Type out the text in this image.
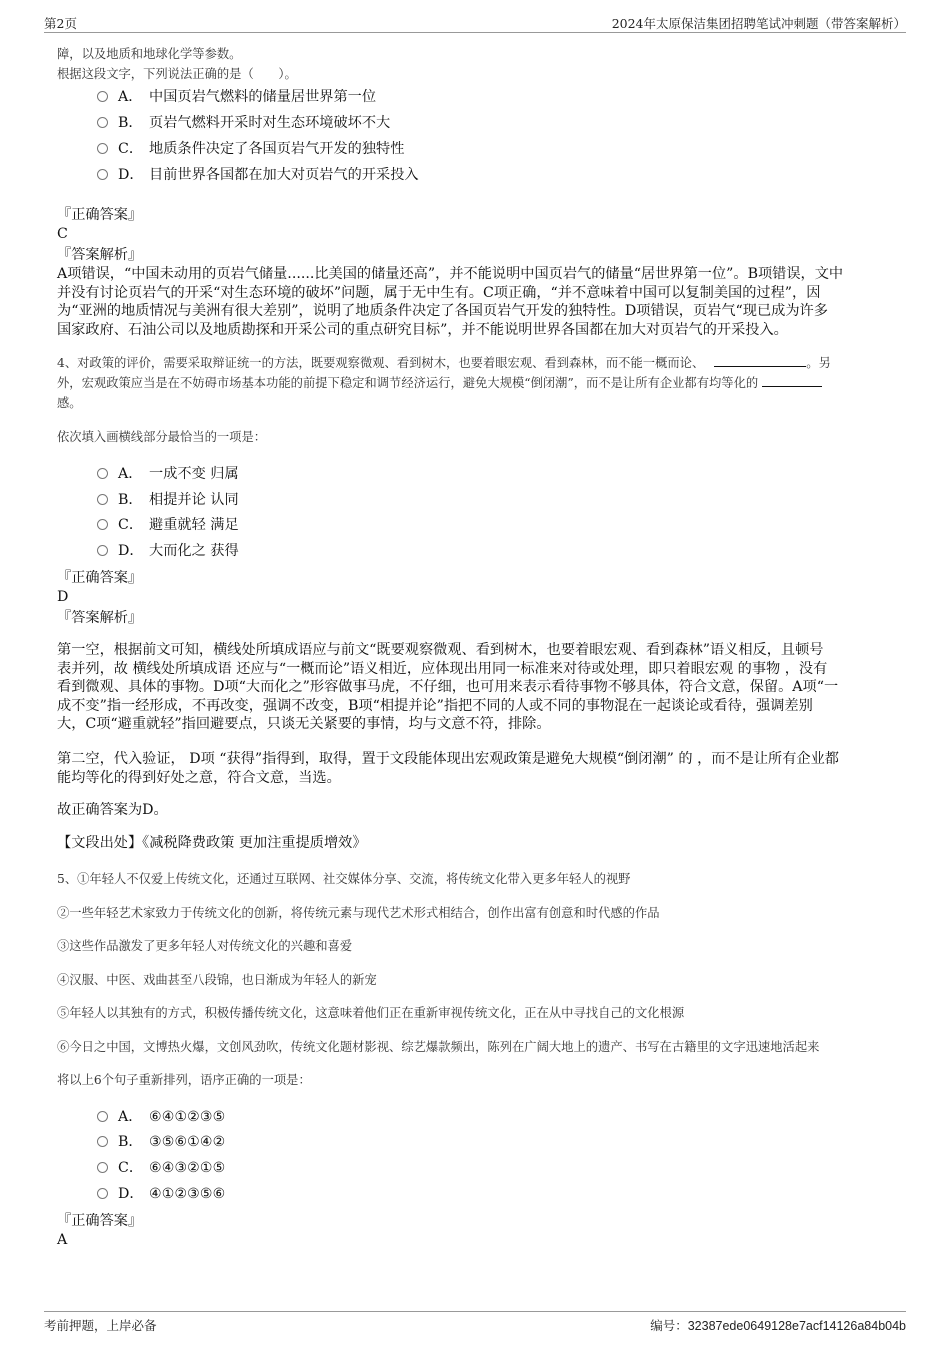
第2页	2024年太原保洁集团招聘笔试冲刺题（带答案解析）
障，以及地质和地球化学等参数。
根据这段文字，下列说法正确的是（　　）。
A． 中国页岩气燃料的储量居世界第一位
B． 页岩气燃料开采时对生态环境破坏不大
C． 地质条件决定了各国页岩气开发的独特性
D． 目前世界各国都在加大对页岩气的开采投入
『正确答案』
C
『答案解析』
A项错误，“中国未动用的页岩气储量......比美国的储量还高”，并不能说明中国页岩气的储量“居世界第一位”。B项错误，文中
并没有讨论页岩气的开采“对生态环境的破坏”问题，属于无中生有。C项正确，“并不意味着中国可以复制美国的过程”，因
为“亚洲的地质情况与美洲有很大差别”，说明了地质条件决定了各国页岩气开发的独特性。D项错误，页岩气“现已成为许多
国家政府、石油公司以及地质勘探和开采公司的重点研究目标”，并不能说明世界各国都在加大对页岩气的开采投入。
4、对政策的评价，需要采取辩证统一的方法，既要观察微观、看到树木，也要着眼宏观、看到森林，而不能一概而论、	。另
外，宏观政策应当是在不妨碍市场基本功能的前提下稳定和调节经济运行，避免大规模“倒闭潮”，而不是让所有企业都有均等化的
感。
依次填入画横线部分最恰当的一项是：
A． 一成不变 归属
B． 相提并论 认同
C． 避重就轻 满足
D． 大而化之 获得
『正确答案』
D
『答案解析』
第一空，根据前文可知，横线处所填成语应与前文“既要观察微观、看到树木，也要着眼宏观、看到森林”语义相反，且顿号
表并列，故 横线处所填成语 还应与“一概而论”语义相近，应体现出用同一标准来对待或处理，即只着眼宏观 的事物 ，没有
看到微观、具体的事物。D项“大而化之”形容做事马虎，不仔细，也可用来表示看待事物不够具体，符合文意，保留。A项“一
成不变”指一经形成，不再改变，强调不改变，B项“相提并论”指把不同的人或不同的事物混在一起谈论或看待，强调差别
大，C项“避重就轻”指回避要点，只谈无关紧要的事情，均与文意不符，排除。
第二空，代入验证， D项 “获得”指得到，取得，置于文段能体现出宏观政策是避免大规模“倒闭潮” 的 ，而不是让所有企业都
能均等化的得到好处之意，符合文意，当选。
故正确答案为D。
【文段出处】《减税降费政策 更加注重提质增效》
5、①年轻人不仅爱上传统文化，还通过互联网、社交媒体分享、交流，将传统文化带入更多年轻人的视野
②一些年轻艺术家致力于传统文化的创新，将传统元素与现代艺术形式相结合，创作出富有创意和时代感的作品
③这些作品激发了更多年轻人对传统文化的兴趣和喜爱
④汉服、中医、戏曲甚至八段锦，也日渐成为年轻人的新宠
⑤年轻人以其独有的方式，积极传播传统文化，这意味着他们正在重新审视传统文化，正在从中寻找自己的文化根源
⑥今日之中国，文博热火爆，文创风劲吹，传统文化题材影视、综艺爆款频出，陈列在广阔大地上的遗产、书写在古籍里的文字迅速地活起来
将以上6个句子重新排列，语序正确的一项是：
A． ⑥④①②③⑤
B． ③⑤⑥①④②
C． ⑥④③②①⑤
D． ④①②③⑤⑥
『正确答案』
A
考前押题，上岸必备	编号：32387ede0649128e7acf14126a84b04b
